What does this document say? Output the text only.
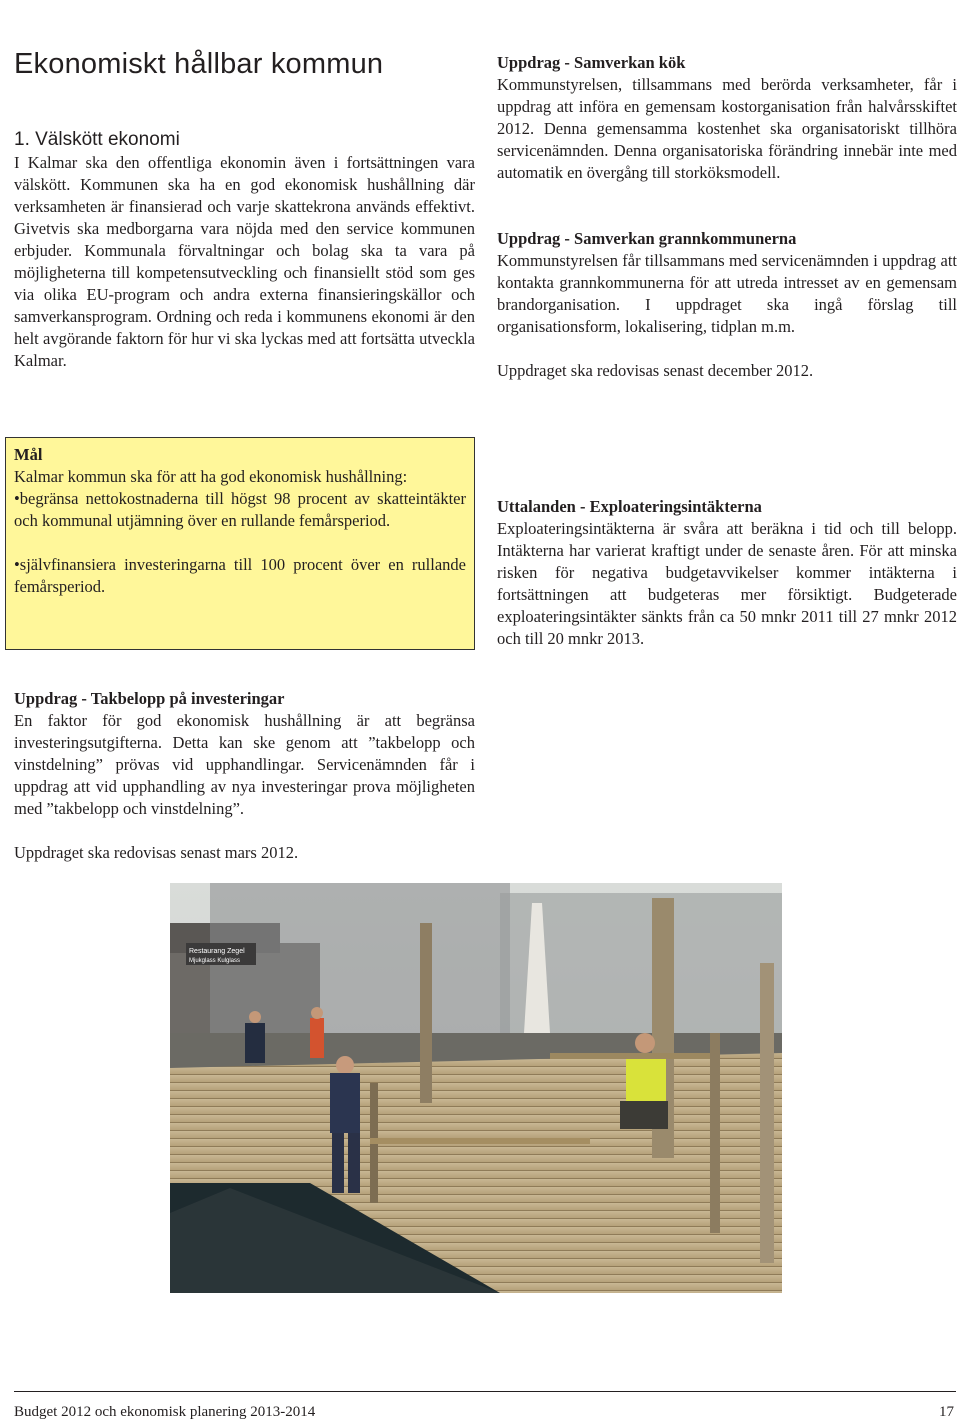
Ekonomiskt hållbar kommun
1. Välskött ekonomi

I Kalmar ska den offentliga ekonomin även i fortsättningen vara välskött. Kommunen ska ha en god ekonomisk hushållning där verksamheten är finansierad och varje skattekrona används effektivt. Givetvis ska medborgarna vara nöjda med den service kommunen erbjuder. Kommunala förvaltningar och bolag ska ta vara på möjligheterna till kompetensutveckling och finansiellt stöd som ges via olika EU-program och andra externa finansieringskällor och samverkansprogram. Ordning och reda i kommunens ekonomi är den helt avgörande faktorn för hur vi ska lyckas med att fortsätta utveckla Kalmar.

Mål

Kalmar kommun ska för att ha god ekonomisk hushållning:

•begränsa nettokostnaderna till högst 98 procent av skatteintäkter och kommunal utjämning över en rullande femårsperiod.

•självfinansiera investeringarna till 100 procent över en rullande femårsperiod.

Uppdrag - Takbelopp på investeringar

En faktor för god ekonomisk hushållning är att begränsa investeringsutgifterna. Detta kan ske genom att ”takbelopp och vinstdelning” prövas vid upphandlingar. Servicenämnden får i uppdrag att vid upphandling av nya investeringar prova möjligheten med ”takbelopp och vinstdelning”.

Uppdraget ska redovisas senast mars 2012.

Uppdrag - Samverkan kök

Kommunstyrelsen, tillsammans med berörda verksamheter, får i uppdrag att införa en gemensam kostorganisation från halvårsskiftet 2012. Denna gemensamma kostenhet ska organisatoriskt tillhöra servicenämnden. Denna organisatoriska förändring innebär inte med automatik en övergång till storköksmodell.

Uppdrag - Samverkan grannkommunerna

Kommunstyrelsen får tillsammans med servicenämnden i uppdrag att kontakta grannkommunerna för att utreda intresset av en gemensam brandorganisation. I uppdraget ska ingå förslag till organisationsform, lokalisering, tidplan m.m.

Uppdraget ska redovisas senast december 2012.

Uttalanden - Exploateringsintäkterna

Exploateringsintäkterna är svåra att beräkna i tid och till belopp. Intäkterna har varierat kraftigt under de senaste åren. För att minska risken för negativa budgetavvikelser kommer intäkterna i fortsättningen att budgeteras mer försiktigt. Budgeterade exploateringsintäkter sänkts från ca 50 mnkr 2011 till 27 mnkr 2012 och till 20 mnkr 2013.

Restaurang Zegel
Mjukglass Kulglass
Budget 2012 och ekonomisk planering 2013-2014	17
